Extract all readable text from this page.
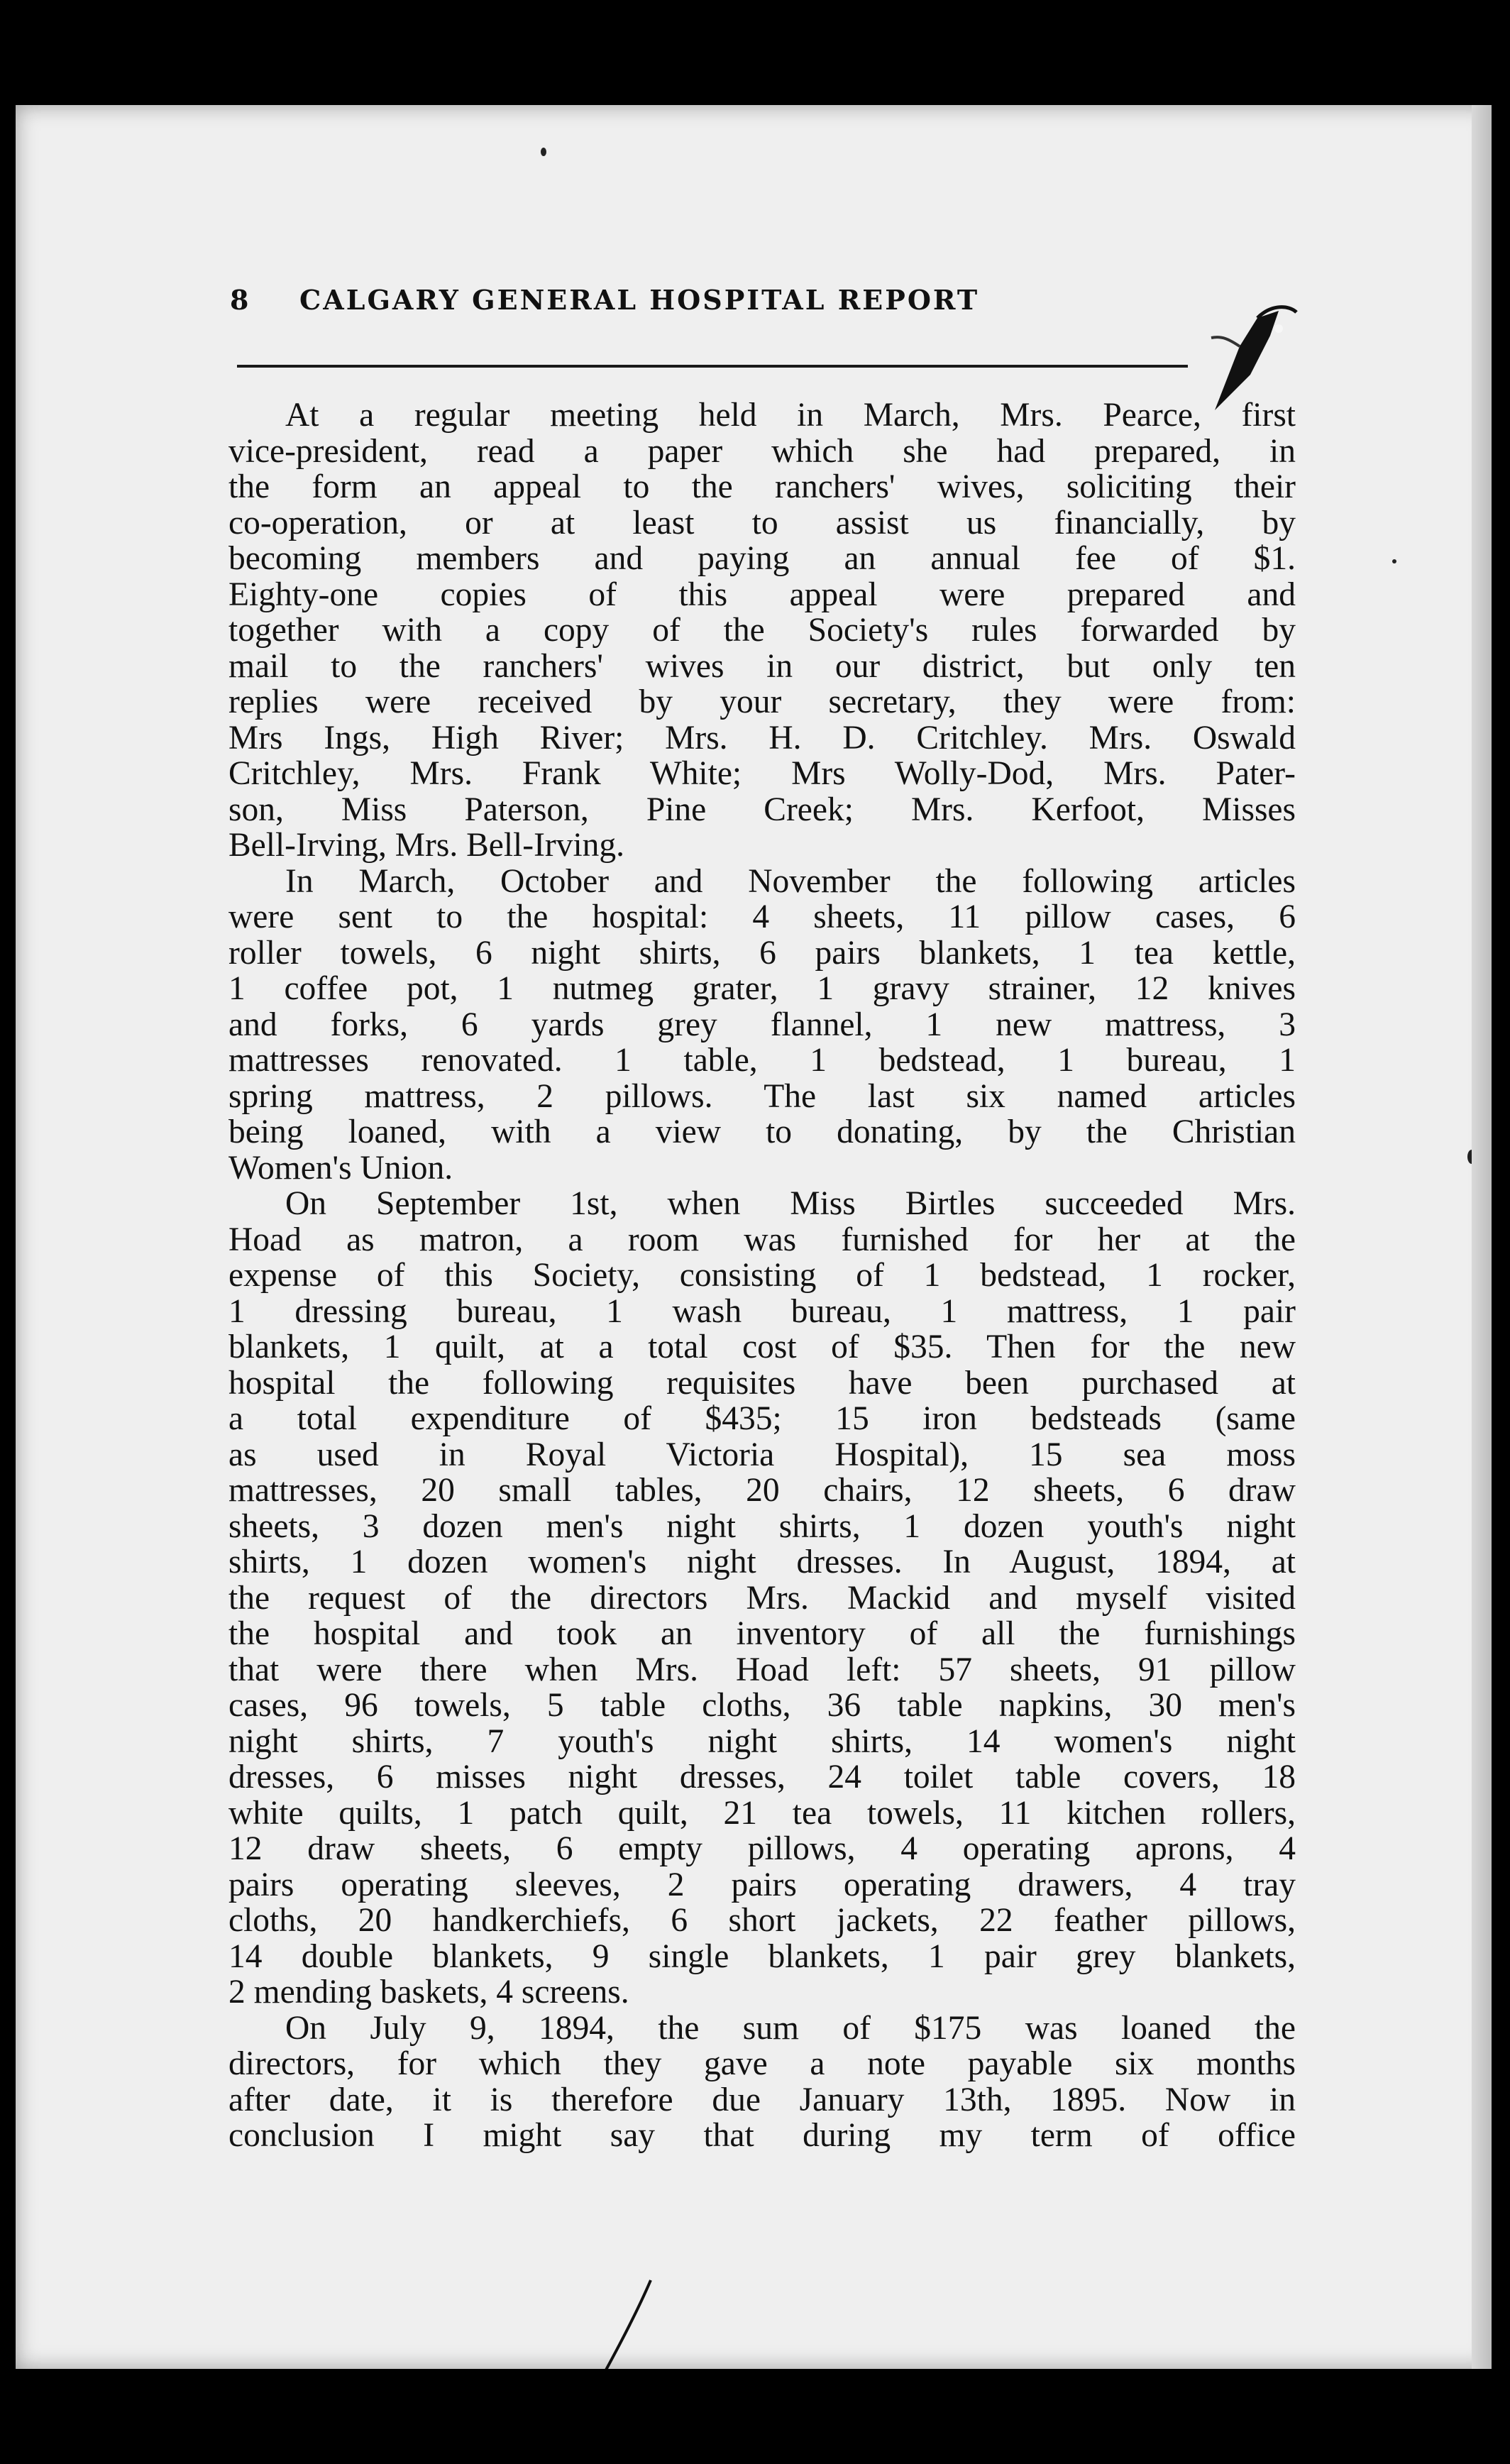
8 CALGARY GENERAL HOSPITAL REPORT
At a regular meeting held in March, Mrs. Pearce, first
vice-president, read a paper which she had prepared, in
the form an appeal to the ranchers' wives, soliciting their
co-operation, or at least to assist us financially, by
becoming members and paying an annual fee of $1.
Eighty-one copies of this appeal were prepared and
together with a copy of the Society's rules forwarded by
mail to the ranchers' wives in our district, but only ten
replies were received by your secretary, they were from:
Mrs Ings, High River; Mrs. H. D. Critchley. Mrs. Oswald
Critchley, Mrs. Frank White; Mrs Wolly-Dod, Mrs. Pater-
son, Miss Paterson, Pine Creek; Mrs. Kerfoot, Misses
Bell-Irving, Mrs. Bell-Irving.
In March, October and November the following articles
were sent to the hospital: 4 sheets, 11 pillow cases, 6
roller towels, 6 night shirts, 6 pairs blankets, 1 tea kettle,
1 coffee pot, 1 nutmeg grater, 1 gravy strainer, 12 knives
and forks, 6 yards grey flannel, 1 new mattress, 3
mattresses renovated. 1 table, 1 bedstead, 1 bureau, 1
spring mattress, 2 pillows. The last six named articles
being loaned, with a view to donating, by the Christian
Women's Union.
On September 1st, when Miss Birtles succeeded Mrs.
Hoad as matron, a room was furnished for her at the
expense of this Society, consisting of 1 bedstead, 1 rocker,
1 dressing bureau, 1 wash bureau, 1 mattress, 1 pair
blankets, 1 quilt, at a total cost of $35. Then for the new
hospital the following requisites have been purchased at
a total expenditure of $435; 15 iron bedsteads (same
as used in Royal Victoria Hospital), 15 sea moss
mattresses, 20 small tables, 20 chairs, 12 sheets, 6 draw
sheets, 3 dozen men's night shirts, 1 dozen youth's night
shirts, 1 dozen women's night dresses. In August, 1894, at
the request of the directors Mrs. Mackid and myself visited
the hospital and took an inventory of all the furnishings
that were there when Mrs. Hoad left: 57 sheets, 91 pillow
cases, 96 towels, 5 table cloths, 36 table napkins, 30 men's
night shirts, 7 youth's night shirts, 14 women's night
dresses, 6 misses night dresses, 24 toilet table covers, 18
white quilts, 1 patch quilt, 21 tea towels, 11 kitchen rollers,
12 draw sheets, 6 empty pillows, 4 operating aprons, 4
pairs operating sleeves, 2 pairs operating drawers, 4 tray
cloths, 20 handkerchiefs, 6 short jackets, 22 feather pillows,
14 double blankets, 9 single blankets, 1 pair grey blankets,
2 mending baskets, 4 screens.
On July 9, 1894, the sum of $175 was loaned the
directors, for which they gave a note payable six months
after date, it is therefore due January 13th, 1895. Now in
conclusion I might say that during my term of office
